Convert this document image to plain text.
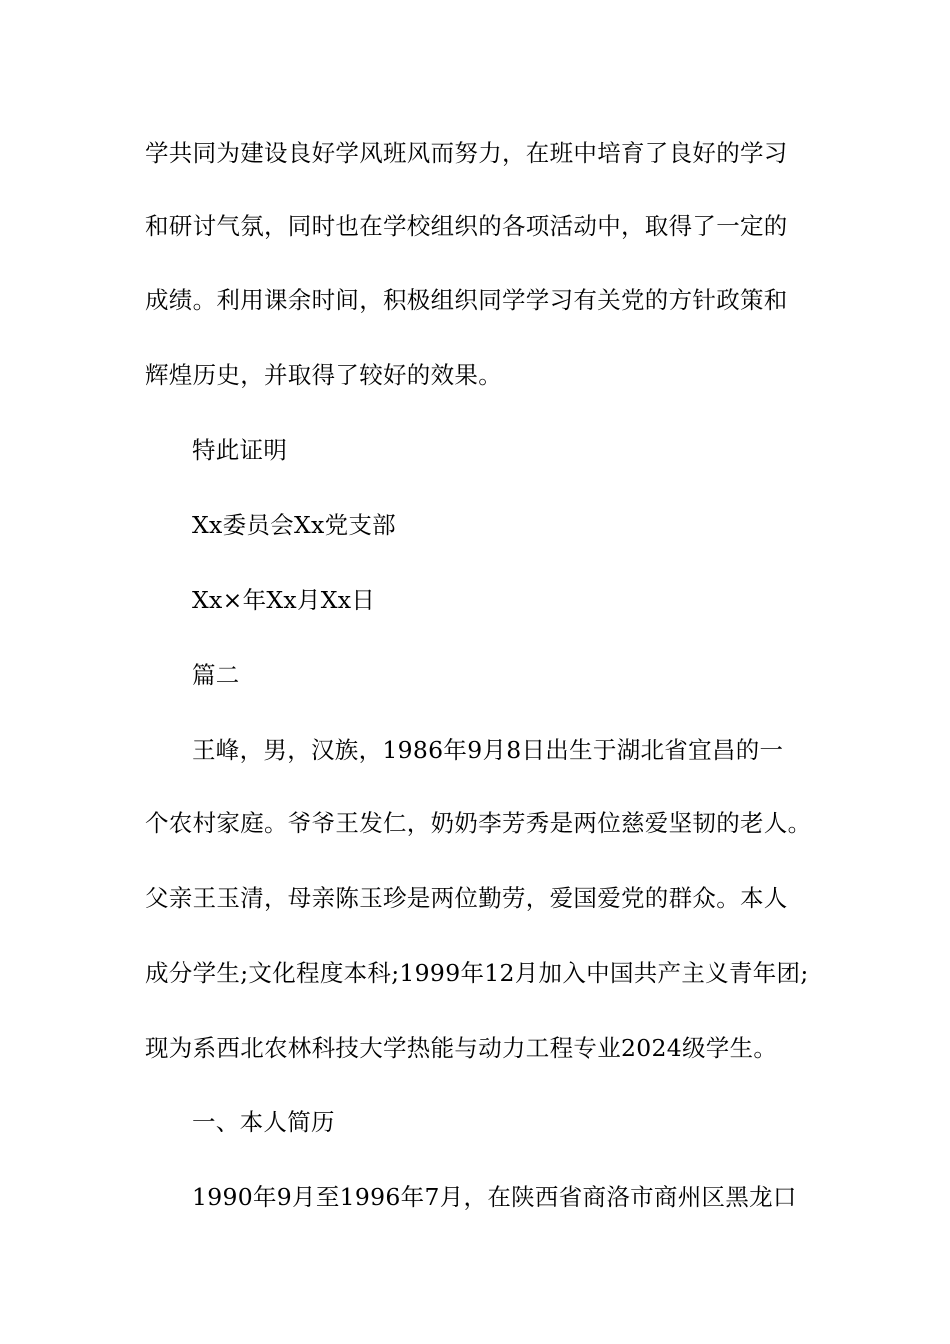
学共同为建设良好学风班风而努力，在班中培育了良好的学习
和研讨气氛，同时也在学校组织的各项活动中，取得了一定的
成绩。利用课余时间，积极组织同学学习有关党的方针政策和
辉煌历史，并取得了较好的效果。
特此证明
Xx委员会Xx党支部
Xx×年Xx月Xx日
篇二
王峰，男，汉族，1986年9月8日出生于湖北省宜昌的一
个农村家庭。爷爷王发仁，奶奶李芳秀是两位慈爱坚韧的老人。
父亲王玉清，母亲陈玉珍是两位勤劳，爱国爱党的群众。本人
成分学生;文化程度本科;1999年12月加入中国共产主义青年团;
现为系西北农林科技大学热能与动力工程专业2024级学生。
一、本人简历
1990年9月至1996年7月，在陕西省商洛市商州区黑龙口
